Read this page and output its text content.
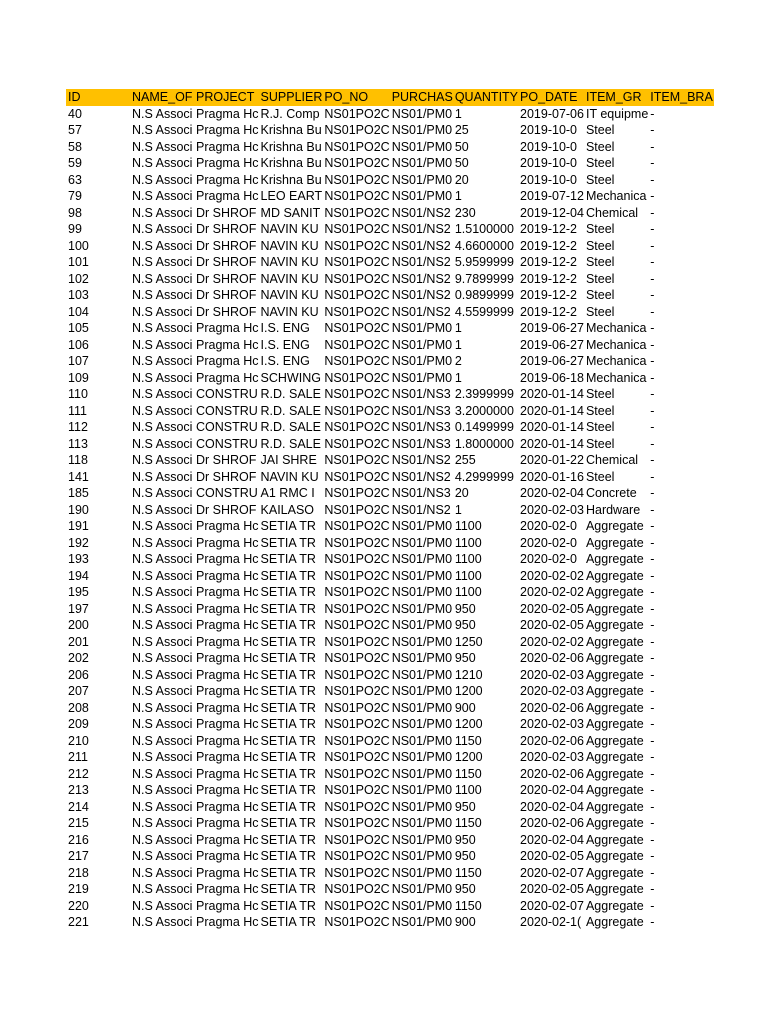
ID	NAME_OF	PROJECT	SUPPLIER	PO_NO	PURCHAS	QUANTITY	PO_DATE	ITEM_GR	ITEM_BRA
40	N.S Associ	Pragma Hc	R.J. Comp	NS01PO2C	NS01/PM0	1	2019-07-06	IT equipme	-
57	N.S Associ	Pragma Hc	Krishna Bu	NS01PO2C	NS01/PM0	25	2019-10-0	Steel	-
58	N.S Associ	Pragma Hc	Krishna Bu	NS01PO2C	NS01/PM0	50	2019-10-0	Steel	-
59	N.S Associ	Pragma Hc	Krishna Bu	NS01PO2C	NS01/PM0	50	2019-10-0	Steel	-
63	N.S Associ	Pragma Hc	Krishna Bu	NS01PO2C	NS01/PM0	20	2019-10-0	Steel	-
79	N.S Associ	Pragma Hc	LEO EART	NS01PO2C	NS01/PM0	1	2019-07-12	Mechanica	-
98	N.S Associ	Dr SHROF	MD SANIT	NS01PO2C	NS01/NS2	230	2019-12-04	Chemical	-
99	N.S Associ	Dr SHROF	NAVIN KU	NS01PO2C	NS01/NS2	1.5100000	2019-12-2	Steel	-
100	N.S Associ	Dr SHROF	NAVIN KU	NS01PO2C	NS01/NS2	4.6600000	2019-12-2	Steel	-
101	N.S Associ	Dr SHROF	NAVIN KU	NS01PO2C	NS01/NS2	5.9599999	2019-12-2	Steel	-
102	N.S Associ	Dr SHROF	NAVIN KU	NS01PO2C	NS01/NS2	9.7899999	2019-12-2	Steel	-
103	N.S Associ	Dr SHROF	NAVIN KU	NS01PO2C	NS01/NS2	0.9899999	2019-12-2	Steel	-
104	N.S Associ	Dr SHROF	NAVIN KU	NS01PO2C	NS01/NS2	4.5599999	2019-12-2	Steel	-
105	N.S Associ	Pragma Hc	I.S. ENG	NS01PO2C	NS01/PM0	1	2019-06-27	Mechanica	-
106	N.S Associ	Pragma Hc	I.S. ENG	NS01PO2C	NS01/PM0	1	2019-06-27	Mechanica	-
107	N.S Associ	Pragma Hc	I.S. ENG	NS01PO2C	NS01/PM0	2	2019-06-27	Mechanica	-
109	N.S Associ	Pragma Hc	SCHWING	NS01PO2C	NS01/PM0	1	2019-06-18	Mechanica	-
110	N.S Associ	CONSTRU	R.D. SALE	NS01PO2C	NS01/NS3	2.3999999	2020-01-14	Steel	-
111	N.S Associ	CONSTRU	R.D. SALE	NS01PO2C	NS01/NS3	3.2000000	2020-01-14	Steel	-
112	N.S Associ	CONSTRU	R.D. SALE	NS01PO2C	NS01/NS3	0.1499999	2020-01-14	Steel	-
113	N.S Associ	CONSTRU	R.D. SALE	NS01PO2C	NS01/NS3	1.8000000	2020-01-14	Steel	-
118	N.S Associ	Dr SHROF	JAI SHRE	NS01PO2C	NS01/NS2	255	2020-01-22	Chemical	-
141	N.S Associ	Dr SHROF	NAVIN KU	NS01PO2C	NS01/NS2	4.2999999	2020-01-16	Steel	-
185	N.S Associ	CONSTRU	A1 RMC I	NS01PO2C	NS01/NS3	20	2020-02-04	Concrete	-
190	N.S Associ	Dr SHROF	KAILASO	NS01PO2C	NS01/NS2	1	2020-02-03	Hardware	-
191	N.S Associ	Pragma Hc	SETIA TR	NS01PO2C	NS01/PM0	1100	2020-02-0	Aggregate	-
192	N.S Associ	Pragma Hc	SETIA TR	NS01PO2C	NS01/PM0	1100	2020-02-0	Aggregate	-
193	N.S Associ	Pragma Hc	SETIA TR	NS01PO2C	NS01/PM0	1100	2020-02-0	Aggregate	-
194	N.S Associ	Pragma Hc	SETIA TR	NS01PO2C	NS01/PM0	1100	2020-02-02	Aggregate	-
195	N.S Associ	Pragma Hc	SETIA TR	NS01PO2C	NS01/PM0	1100	2020-02-02	Aggregate	-
197	N.S Associ	Pragma Hc	SETIA TR	NS01PO2C	NS01/PM0	950	2020-02-05	Aggregate	-
200	N.S Associ	Pragma Hc	SETIA TR	NS01PO2C	NS01/PM0	950	2020-02-05	Aggregate	-
201	N.S Associ	Pragma Hc	SETIA TR	NS01PO2C	NS01/PM0	1250	2020-02-02	Aggregate	-
202	N.S Associ	Pragma Hc	SETIA TR	NS01PO2C	NS01/PM0	950	2020-02-06	Aggregate	-
206	N.S Associ	Pragma Hc	SETIA TR	NS01PO2C	NS01/PM0	1210	2020-02-03	Aggregate	-
207	N.S Associ	Pragma Hc	SETIA TR	NS01PO2C	NS01/PM0	1200	2020-02-03	Aggregate	-
208	N.S Associ	Pragma Hc	SETIA TR	NS01PO2C	NS01/PM0	900	2020-02-06	Aggregate	-
209	N.S Associ	Pragma Hc	SETIA TR	NS01PO2C	NS01/PM0	1200	2020-02-03	Aggregate	-
210	N.S Associ	Pragma Hc	SETIA TR	NS01PO2C	NS01/PM0	1150	2020-02-06	Aggregate	-
211	N.S Associ	Pragma Hc	SETIA TR	NS01PO2C	NS01/PM0	1200	2020-02-03	Aggregate	-
212	N.S Associ	Pragma Hc	SETIA TR	NS01PO2C	NS01/PM0	1150	2020-02-06	Aggregate	-
213	N.S Associ	Pragma Hc	SETIA TR	NS01PO2C	NS01/PM0	1100	2020-02-04	Aggregate	-
214	N.S Associ	Pragma Hc	SETIA TR	NS01PO2C	NS01/PM0	950	2020-02-04	Aggregate	-
215	N.S Associ	Pragma Hc	SETIA TR	NS01PO2C	NS01/PM0	1150	2020-02-06	Aggregate	-
216	N.S Associ	Pragma Hc	SETIA TR	NS01PO2C	NS01/PM0	950	2020-02-04	Aggregate	-
217	N.S Associ	Pragma Hc	SETIA TR	NS01PO2C	NS01/PM0	950	2020-02-05	Aggregate	-
218	N.S Associ	Pragma Hc	SETIA TR	NS01PO2C	NS01/PM0	1150	2020-02-07	Aggregate	-
219	N.S Associ	Pragma Hc	SETIA TR	NS01PO2C	NS01/PM0	950	2020-02-05	Aggregate	-
220	N.S Associ	Pragma Hc	SETIA TR	NS01PO2C	NS01/PM0	1150	2020-02-07	Aggregate	-
221	N.S Associ	Pragma Hc	SETIA TR	NS01PO2C	NS01/PM0	900	2020-02-1(	Aggregate	-
